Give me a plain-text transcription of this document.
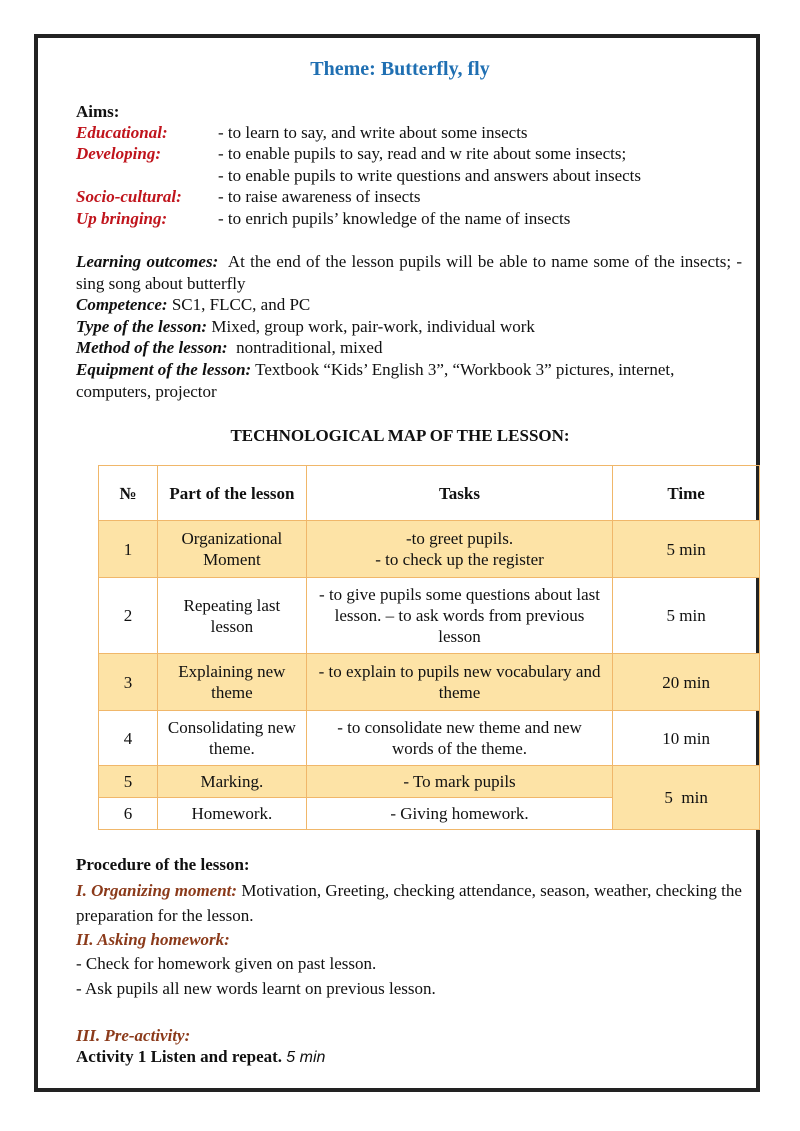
Theme: Butterfly, fly
Aims:
Educational:	- to learn to say, and write about some insects
Developing:	- to enable pupils to say, read and w rite about some insects;
- to enable pupils to write questions and answers about insects
Socio-cultural: - to raise awareness of insects
Up bringing:	- to enrich pupils’ knowledge of the name of insects
Learning outcomes: At the end of the lesson pupils will be able to name some of the insects; - sing song about butterfly
Competence: SC1, FLCC, and PC
Type of the lesson: Mixed, group work, pair-work, individual work
Method of the lesson: nontraditional, mixed
Equipment of the lesson: Textbook “Kids’ English 3”, “Workbook 3” pictures, internet, computers, projector
TECHNOLOGICAL MAP OF THE LESSON:
№	Part of the lesson	Tasks	Time
1	Organizational Moment	-to greet pupils.
- to check up the register	5 min
2	Repeating last lesson	- to give pupils some questions about last lesson. – to ask words from previous lesson	5 min
3	Explaining new theme	- to explain to pupils new vocabulary and theme	20 min
4	Consolidating new theme.	- to consolidate new theme and new words of the theme.	10 min
5	Marking.	- To mark pupils	5  min
6	Homework.	- Giving homework.	
Procedure of the lesson:
I. Organizing moment: Motivation, Greeting, checking attendance, season, weather, checking the preparation for the lesson.
II. Asking homework:
- Check for homework given on past lesson.
- Ask pupils all new words learnt on previous lesson.
III. Pre-activity:
Activity 1 Listen and repeat. 5 min
